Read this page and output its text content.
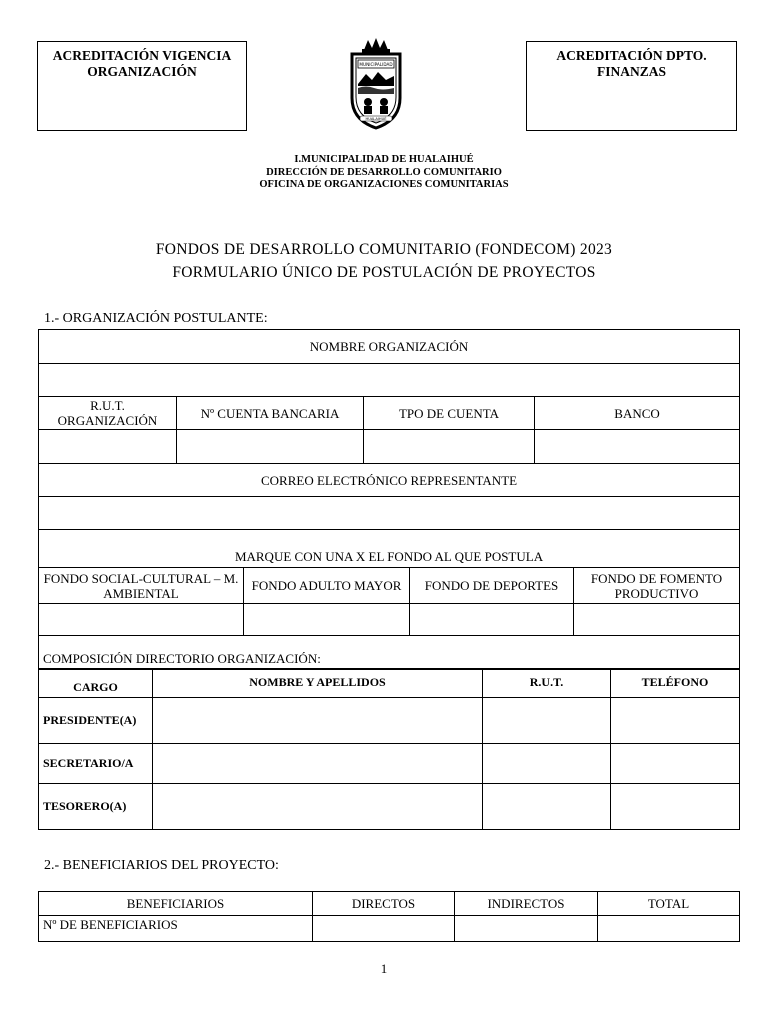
ACREDITACIÓN VIGENCIA
ORGANIZACIÓN
ACREDITACIÓN DPTO.
FINANZAS
MUNICIPALIDAD
HUALAIHUÉ
I.MUNICIPALIDAD DE HUALAIHUÉ
DIRECCIÓN DE DESARROLLO COMUNITARIO
OFICINA DE ORGANIZACIONES COMUNITARIAS
FONDOS DE DESARROLLO COMUNITARIO (FONDECOM) 2023
FORMULARIO ÚNICO DE POSTULACIÓN DE PROYECTOS
1.- ORGANIZACIÓN POSTULANTE:
NOMBRE ORGANIZACIÓN			

R.U.T. ORGANIZACIÓN	Nº CUENTA BANCARIA	TPO DE CUENTA	BANCO

CORREO ELECTRÓNICO REPRESENTANTE			

MARQUE CON UNA X EL FONDO AL QUE POSTULA			
FONDO SOCIAL-CULTURAL – M. AMBIENTAL	FONDO ADULTO MAYOR	FONDO DE DEPORTES	FONDO DE FOMENTO PRODUCTIVO

COMPOSICIÓN DIRECTORIO ORGANIZACIÓN:			
CARGO	NOMBRE Y APELLIDOS	R.U.T.	TELÉFONO
PRESIDENTE(A)			
SECRETARIO/A			
TESORERO(A)			
2.- BENEFICIARIOS DEL PROYECTO:
BENEFICIARIOS	DIRECTOS	INDIRECTOS	TOTAL
Nº DE BENEFICIARIOS			
1
